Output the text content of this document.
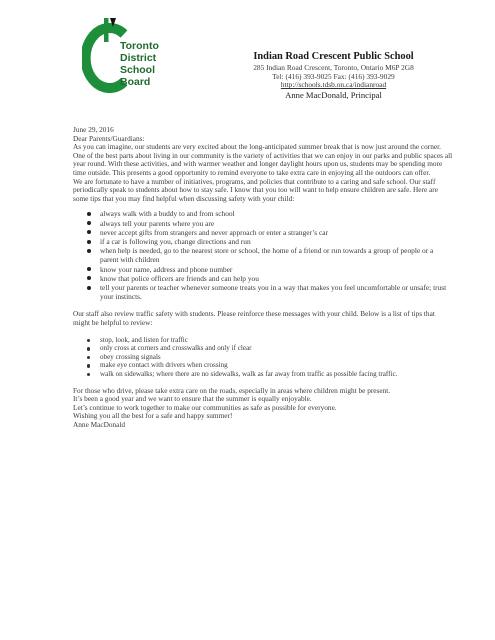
Toronto
District
School
Board
Indian Road Crescent Public School
285 Indian Road Crescent, Toronto, Ontario M6P 2G8
Tel: (416) 393-9025 Fax: (416) 393-9029
http://schools.tdsb.on.ca/indianroad
Anne MacDonald, Principal

June 29, 2016

Dear Parents/Guardians:

As you can imagine, our students are very excited about the long-anticipated summer break that is now just around the corner. One of the best parts about living in our community is the variety of activities that we can enjoy in our parks and public spaces all year round. With these activities, and with warmer weather and longer daylight hours upon us, students may be spending more time outside. This presents a good opportunity to remind everyone to take extra care in enjoying all the outdoors can offer.

We are fortunate to have a number of initiatives, programs, and policies that contribute to a caring and safe school. Our staff periodically speak to students about how to stay safe. I know that you too will want to help ensure children are safe. Here are some tips that you may find helpful when discussing safety with your child:

always walk with a buddy to and from school
always tell your parents where you are
never accept gifts from strangers and never approach or enter a stranger’s car
if a car is following you, change directions and run
when help is needed, go to the nearest store or school, the home of a friend or run towards a group of people or a parent with children
know your name, address and phone number
know that police officers are friends and can help you
tell your parents or teacher whenever someone treats you in a way that makes you feel uncomfortable or unsafe; trust your instincts.

Our staff also review traffic safety with students. Please reinforce these messages with your child. Below is a list of tips that might be helpful to review:

stop, look, and listen for traffic
only cross at corners and crosswalks and only if clear
obey crossing signals
make eye contact with drivers when crossing
walk on sidewalks; where there are no sidewalks, walk as far away from traffic as possible facing traffic.

For those who drive, please take extra care on the roads, especially in areas where children might be present.

It’s been a good year and we want to ensure that the summer is equally enjoyable.

Let’s continue to work together to make our communities as safe as possible for everyone.

Wishing you all the best for a safe and happy summer!

Anne MacDonald
